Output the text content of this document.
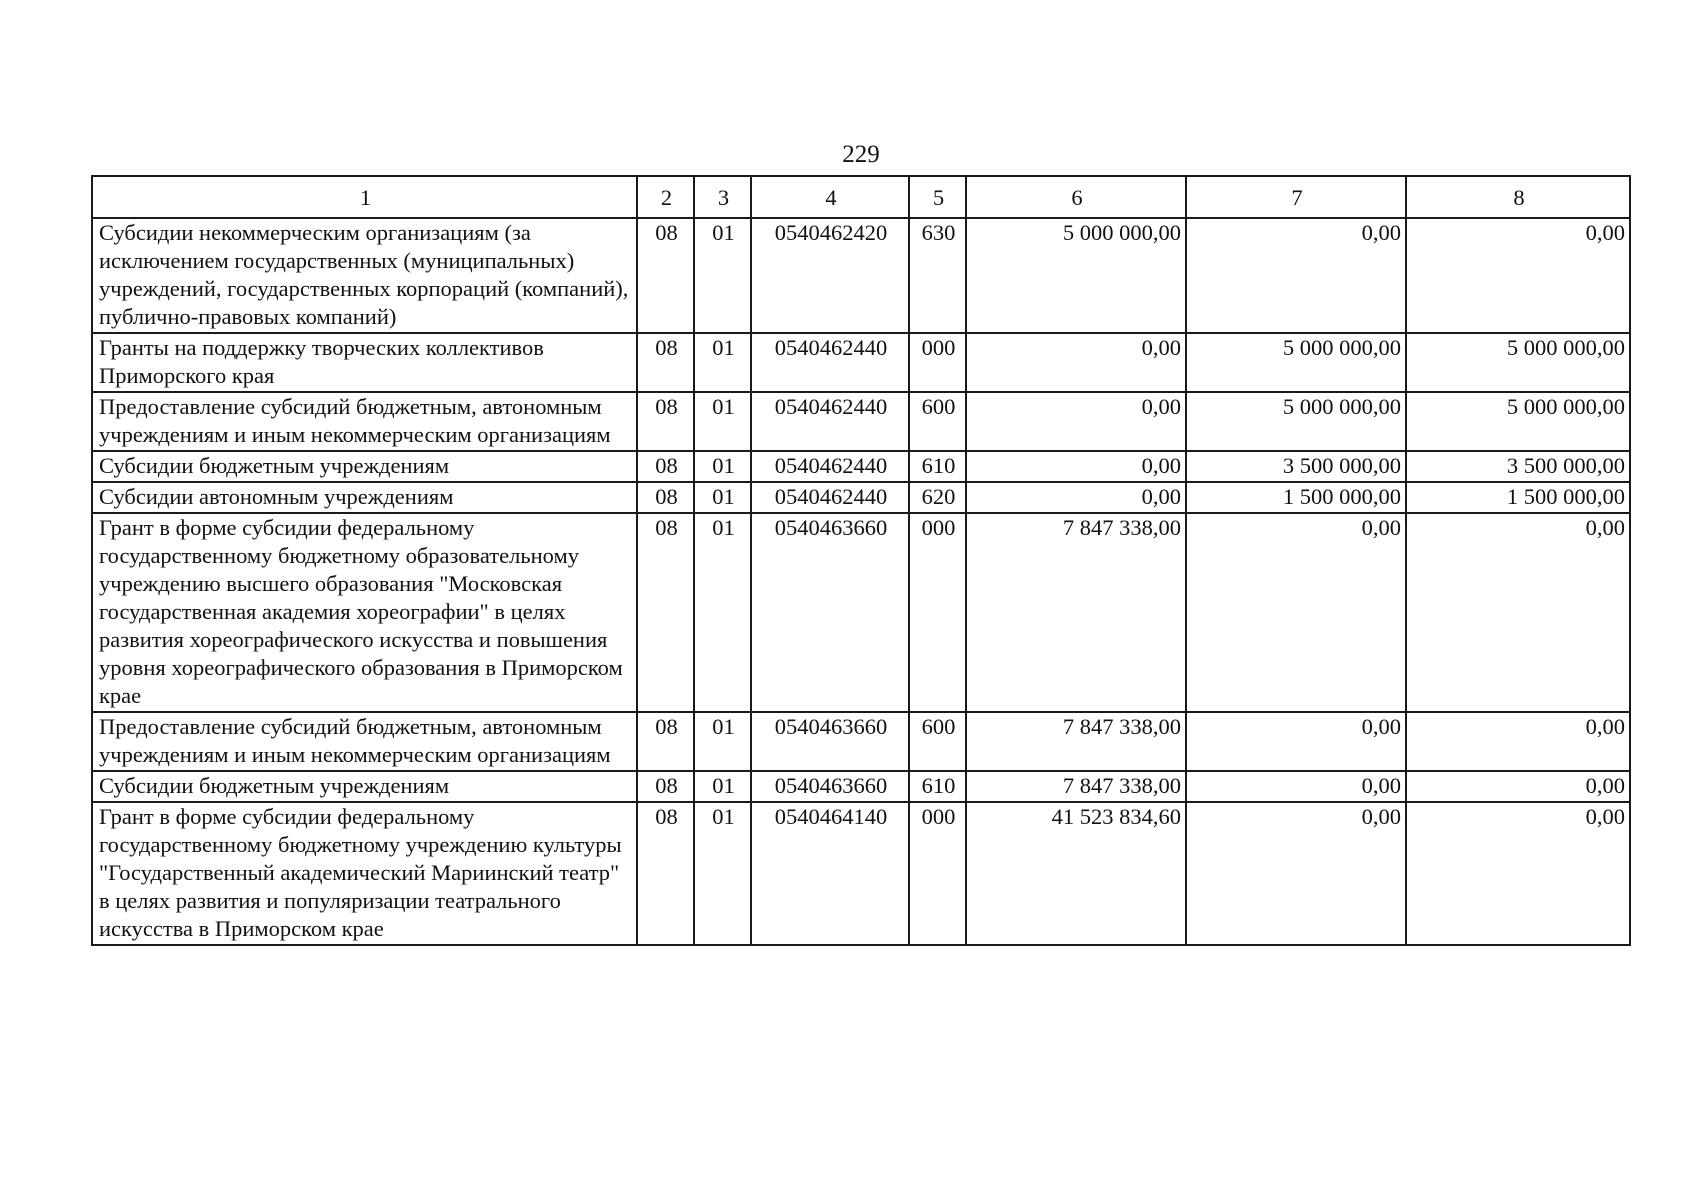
229
1	2	3	4	5	6	7	8
Субсидии некоммерческим организациям (за исключением государственных (муниципальных) учреждений, государственных корпораций (компаний), публично-правовых компаний)	08	01	0540462420	630	5 000 000,00	0,00	0,00
Гранты на поддержку творческих коллективов Приморского края	08	01	0540462440	000	0,00	5 000 000,00	5 000 000,00
Предоставление субсидий бюджетным, автономным учреждениям и иным некоммерческим организациям	08	01	0540462440	600	0,00	5 000 000,00	5 000 000,00
Субсидии бюджетным учреждениям	08	01	0540462440	610	0,00	3 500 000,00	3 500 000,00
Субсидии автономным учреждениям	08	01	0540462440	620	0,00	1 500 000,00	1 500 000,00
Грант в форме субсидии федеральному государственному бюджетному образовательному учреждению высшего образования "Московская государственная академия хореографии" в целях развития хореографического искусства и повышения уровня хореографического образования в Приморском крае	08	01	0540463660	000	7 847 338,00	0,00	0,00
Предоставление субсидий бюджетным, автономным учреждениям и иным некоммерческим организациям	08	01	0540463660	600	7 847 338,00	0,00	0,00
Субсидии бюджетным учреждениям	08	01	0540463660	610	7 847 338,00	0,00	0,00
Грант в форме субсидии федеральному государственному бюджетному учреждению культуры "Государственный академический Мариинский театр" в целях развития и популяризации театрального искусства в Приморском крае	08	01	0540464140	000	41 523 834,60	0,00	0,00
